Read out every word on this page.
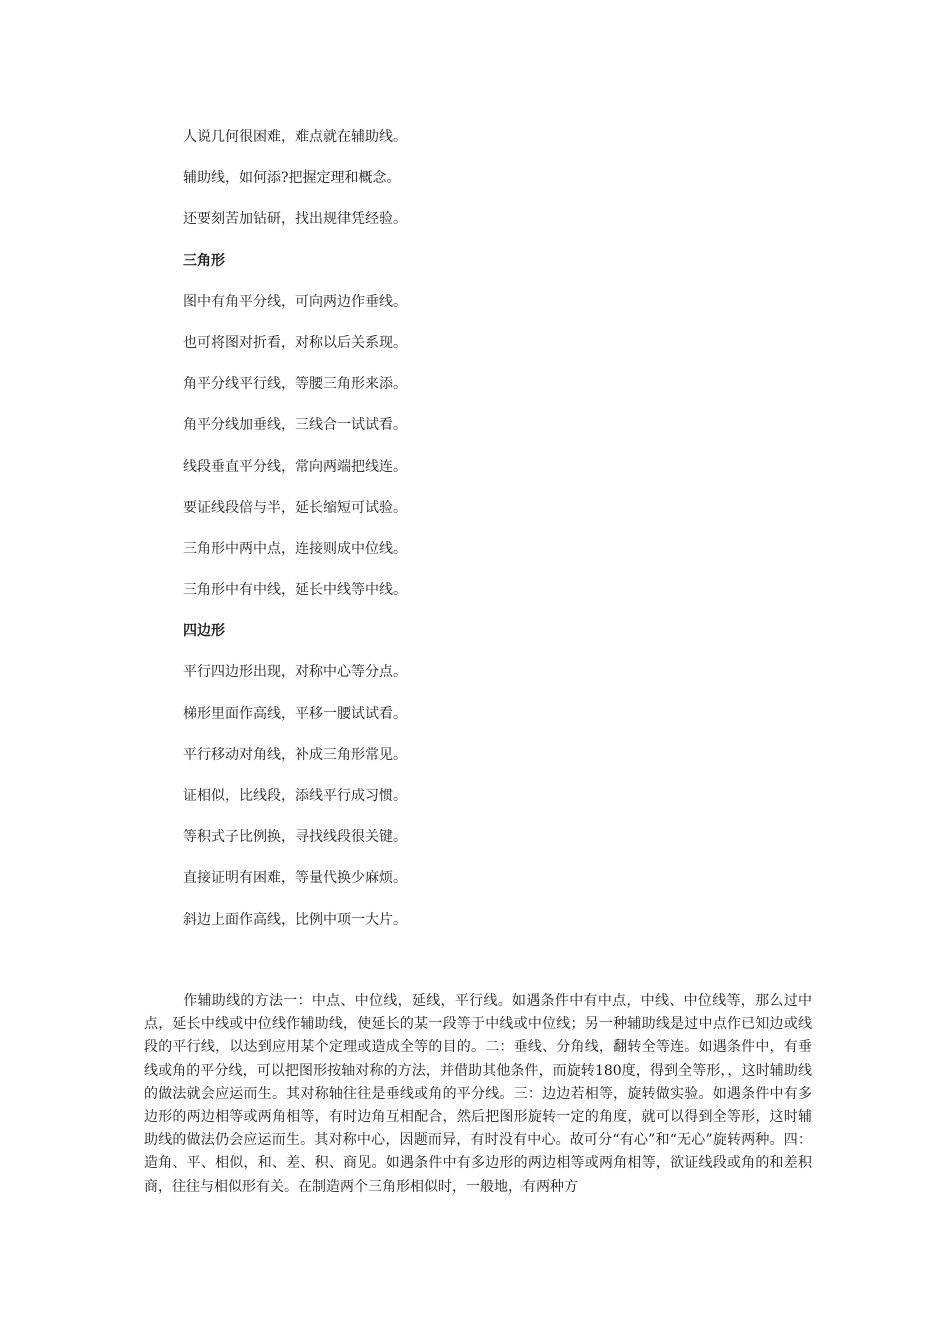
人说几何很困难，难点就在辅助线。

辅助线，如何添?把握定理和概念。

还要刻苦加钻研，找出规律凭经验。

三角形

图中有角平分线，可向两边作垂线。

也可将图对折看，对称以后关系现。

角平分线平行线，等腰三角形来添。

角平分线加垂线，三线合一试试看。

线段垂直平分线，常向两端把线连。

要证线段倍与半，延长缩短可试验。

三角形中两中点，连接则成中位线。

三角形中有中线，延长中线等中线。

四边形

平行四边形出现，对称中心等分点。

梯形里面作高线，平移一腰试试看。

平行移动对角线，补成三角形常见。

证相似，比线段，添线平行成习惯。

等积式子比例换，寻找线段很关键。

直接证明有困难，等量代换少麻烦。

斜边上面作高线，比例中项一大片。

作辅助线的方法一：中点、中位线，延线，平行线。如遇条件中有中点，中线、中位线等，那么过中点，延长中线或中位线作辅助线，使延长的某一段等于中线或中位线；另一种辅助线是过中点作已知边或线段的平行线，以达到应用某个定理或造成全等的目的。二：垂线、分角线，翻转全等连。如遇条件中，有垂线或角的平分线，可以把图形按轴对称的方法，并借助其他条件，而旋转180度，得到全等形，，这时辅助线的做法就会应运而生。其对称轴往往是垂线或角的平分线。三：边边若相等，旋转做实验。如遇条件中有多边形的两边相等或两角相等，有时边角互相配合，然后把图形旋转一定的角度，就可以得到全等形，这时辅助线的做法仍会应运而生。其对称中心，因题而异，有时没有中心。故可分“有心”和“无心”旋转两种。四：造角、平、相似，和、差、积、商见。如遇条件中有多边形的两边相等或两角相等，欲证线段或角的和差积商，往往与相似形有关。在制造两个三角形相似时，一般地，有两种方
